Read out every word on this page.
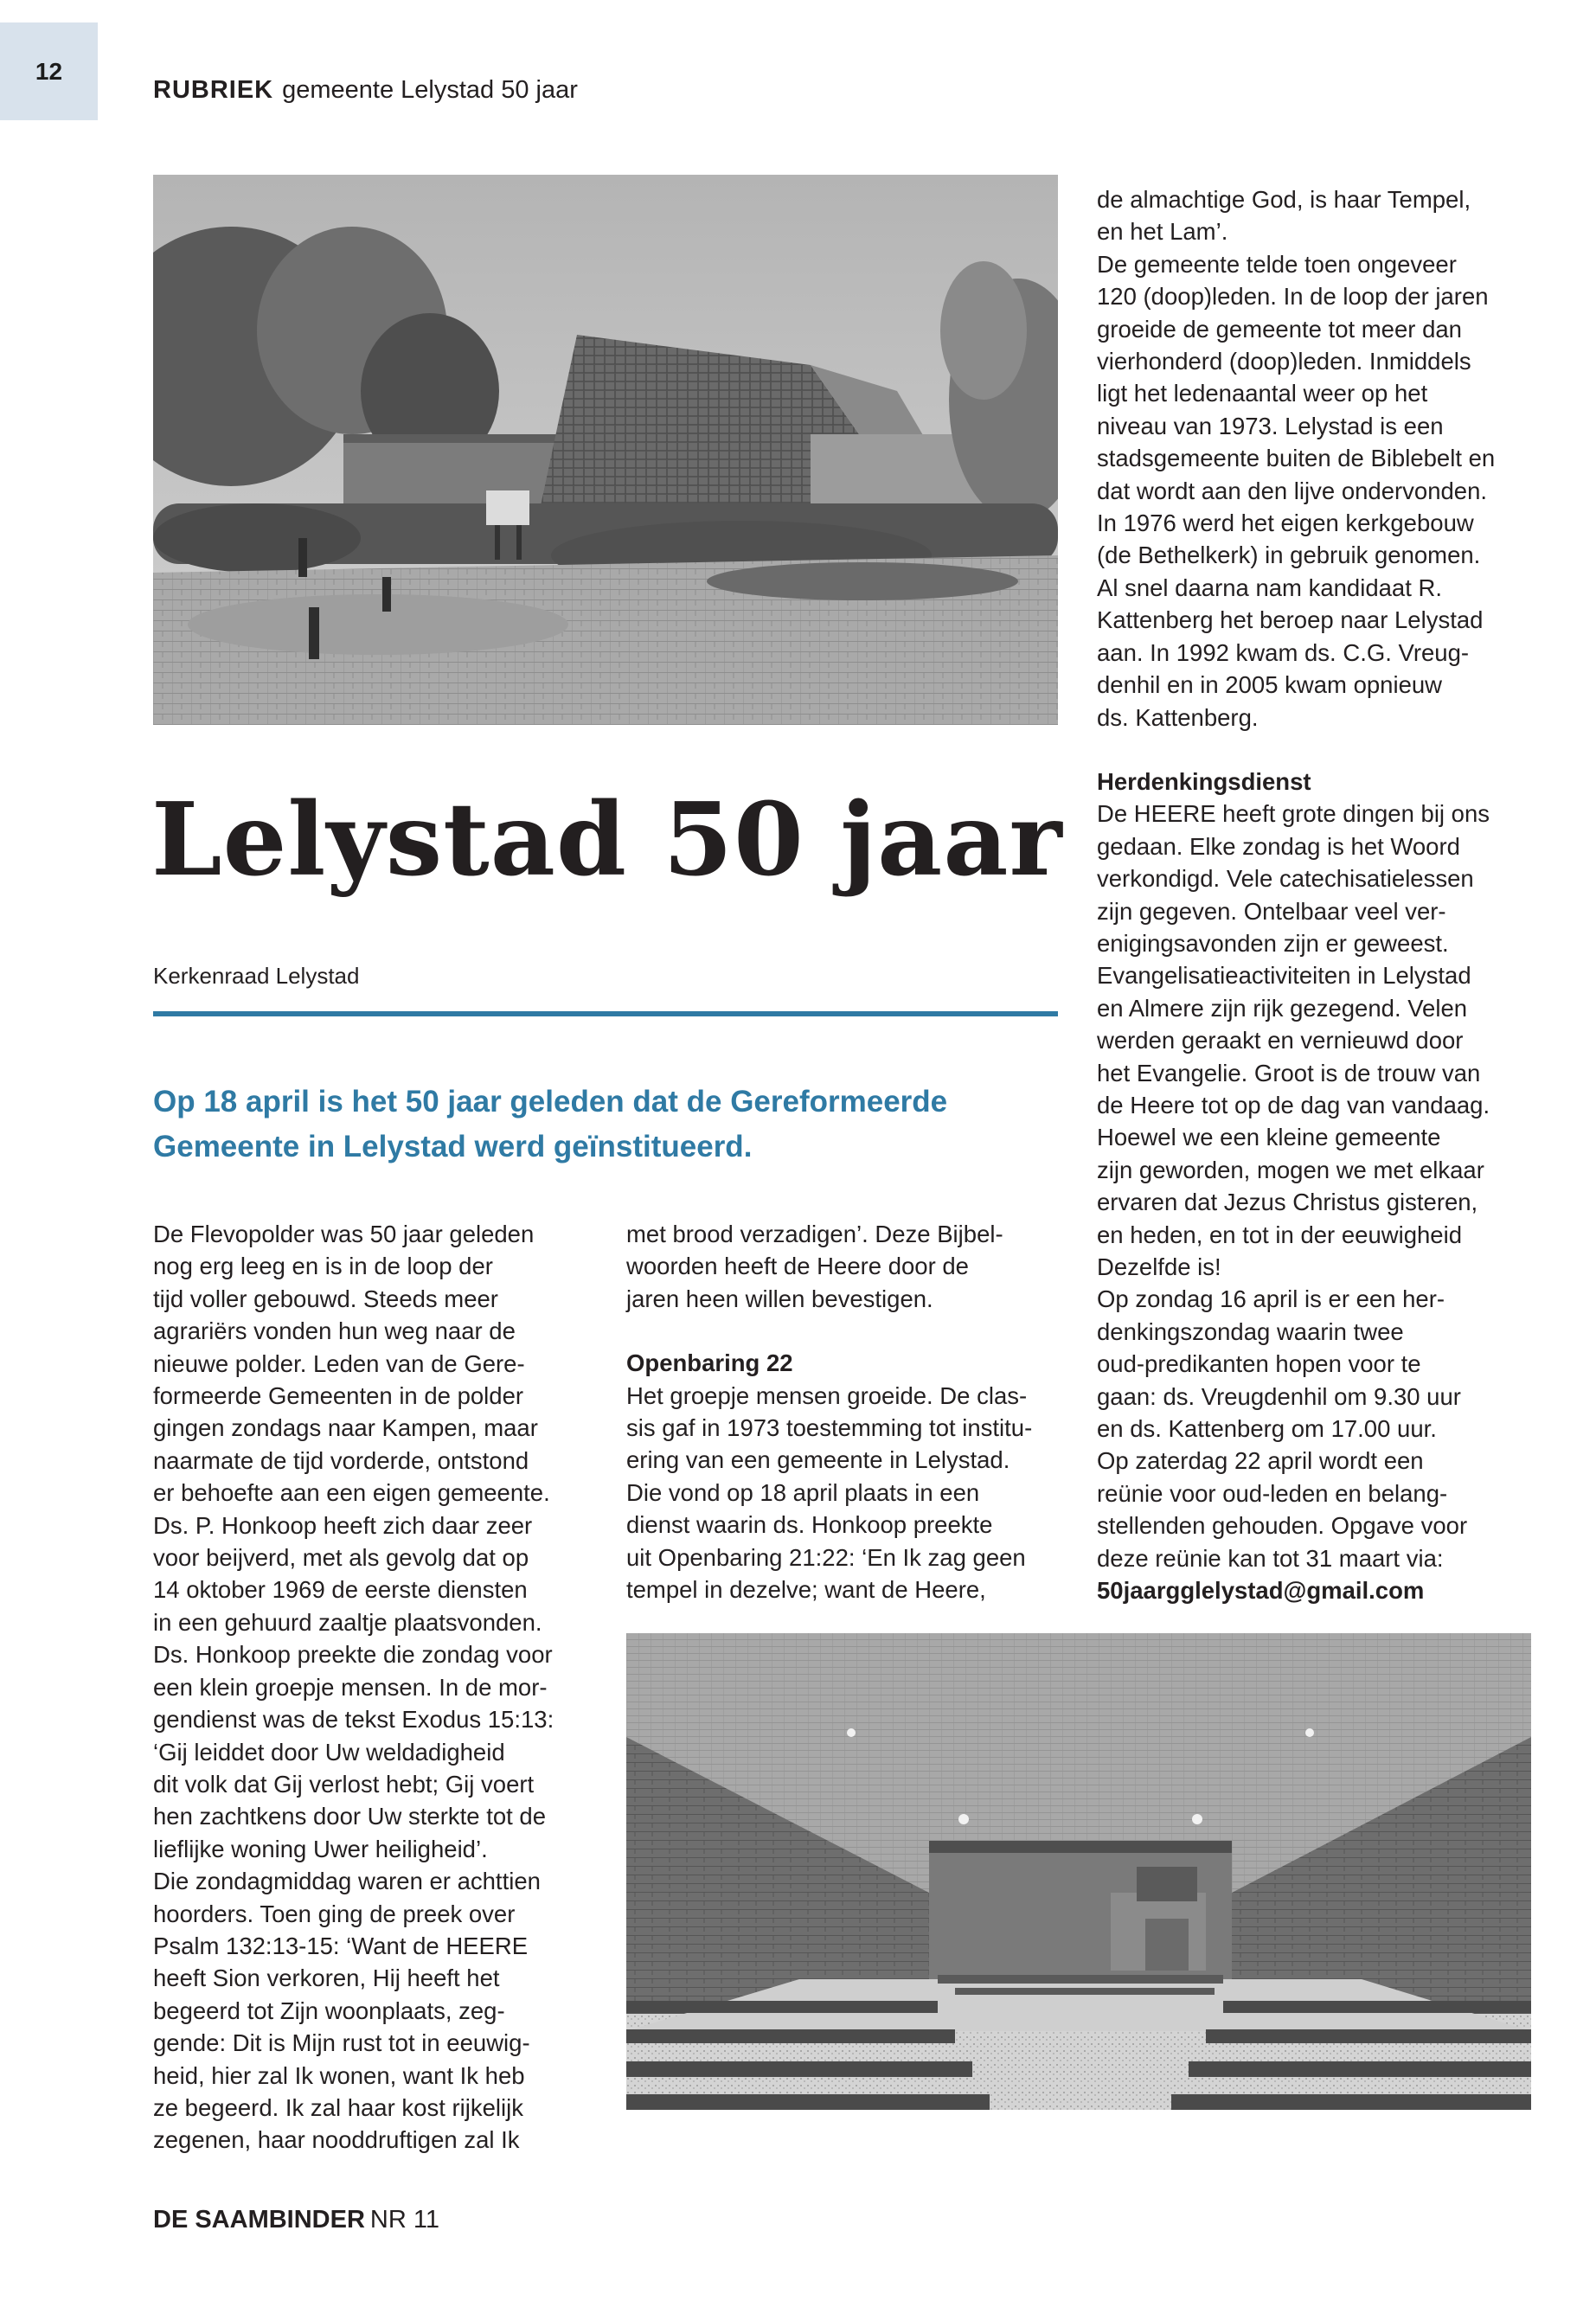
12
RUBRIEK gemeente Lelystad 50 jaar
Lelystad 50 jaar
Kerkenraad Lelystad

Op 18 april is het 50 jaar geleden dat de Gereformeerde
Gemeente in Lelystad werd geïnstitueerd.

De Flevopolder was 50 jaar geleden

nog erg leeg en is in de loop der

tijd voller gebouwd. Steeds meer

agrariërs vonden hun weg naar de

nieuwe polder. Leden van de Gere-

formeerde Gemeenten in de polder

gingen zondags naar Kampen, maar

naarmate de tijd vorderde, ontstond

er behoefte aan een eigen gemeente.

Ds. P. Honkoop heeft zich daar zeer

voor beijverd, met als gevolg dat op

14 oktober 1969 de eerste diensten

in een gehuurd zaaltje plaatsvonden.

Ds. Honkoop preekte die zondag voor

een klein groepje mensen. In de mor-

gendienst was de tekst Exodus 15:13:

‘Gij leiddet door Uw weldadigheid

dit volk dat Gij verlost hebt; Gij voert

hen zachtkens door Uw sterkte tot de

lieflijke woning Uwer heiligheid’.

Die zondagmiddag waren er achttien

hoorders. Toen ging de preek over

Psalm 132:13-15: ‘Want de HEERE

heeft Sion verkoren, Hij heeft het

begeerd tot Zijn woonplaats, zeg-

gende: Dit is Mijn rust tot in eeuwig-

heid, hier zal Ik wonen, want Ik heb

ze begeerd. Ik zal haar kost rijkelijk

zegenen, haar nooddruftigen zal Ik

met brood verzadigen’. Deze Bijbel-

woorden heeft de Heere door de

jaren heen willen bevestigen.

Openbaring 22

Het groepje mensen groeide. De clas-

sis gaf in 1973 toestemming tot institu-

ering van een gemeente in Lelystad.

Die vond op 18 april plaats in een

dienst waarin ds. Honkoop preekte

uit Openbaring 21:22: ‘En Ik zag geen

tempel in dezelve; want de Heere,

de almachtige God, is haar Tempel,

en het Lam’.

De gemeente telde toen ongeveer

120 (doop)leden. In de loop der jaren

groeide de gemeente tot meer dan

vierhonderd (doop)leden. Inmiddels

ligt het ledenaantal weer op het

niveau van 1973. Lelystad is een

stadsgemeente buiten de Biblebelt en

dat wordt aan den lijve ondervonden.

In 1976 werd het eigen kerkgebouw

(de Bethelkerk) in gebruik genomen.

Al snel daarna nam kandidaat R.

Kattenberg het beroep naar Lelystad

aan. In 1992 kwam ds. C.G. Vreug-

denhil en in 2005 kwam opnieuw

ds. Kattenberg.

Herdenkingsdienst

De HEERE heeft grote dingen bij ons

gedaan. Elke zondag is het Woord

verkondigd. Vele catechisatielessen

zijn gegeven. Ontelbaar veel ver-

enigingsavonden zijn er geweest.

Evangelisatieactiviteiten in Lelystad

en Almere zijn rijk gezegend. Velen

werden geraakt en vernieuwd door

het Evangelie. Groot is de trouw van

de Heere tot op de dag van vandaag.

Hoewel we een kleine gemeente

zijn geworden, mogen we met elkaar

ervaren dat Jezus Christus gisteren,

en heden, en tot in der eeuwigheid

Dezelfde is!

Op zondag 16 april is er een her-

denkingszondag waarin twee

oud-predikanten hopen voor te

gaan: ds. Vreugdenhil om 9.30 uur

en ds. Kattenberg om 17.00 uur.

Op zaterdag 22 april wordt een

reünie voor oud-leden en belang-

stellenden gehouden. Opgave voor

deze reünie kan tot 31 maart via:

50jaargglelystad@gmail.com

DE SAAMBINDER NR 11
